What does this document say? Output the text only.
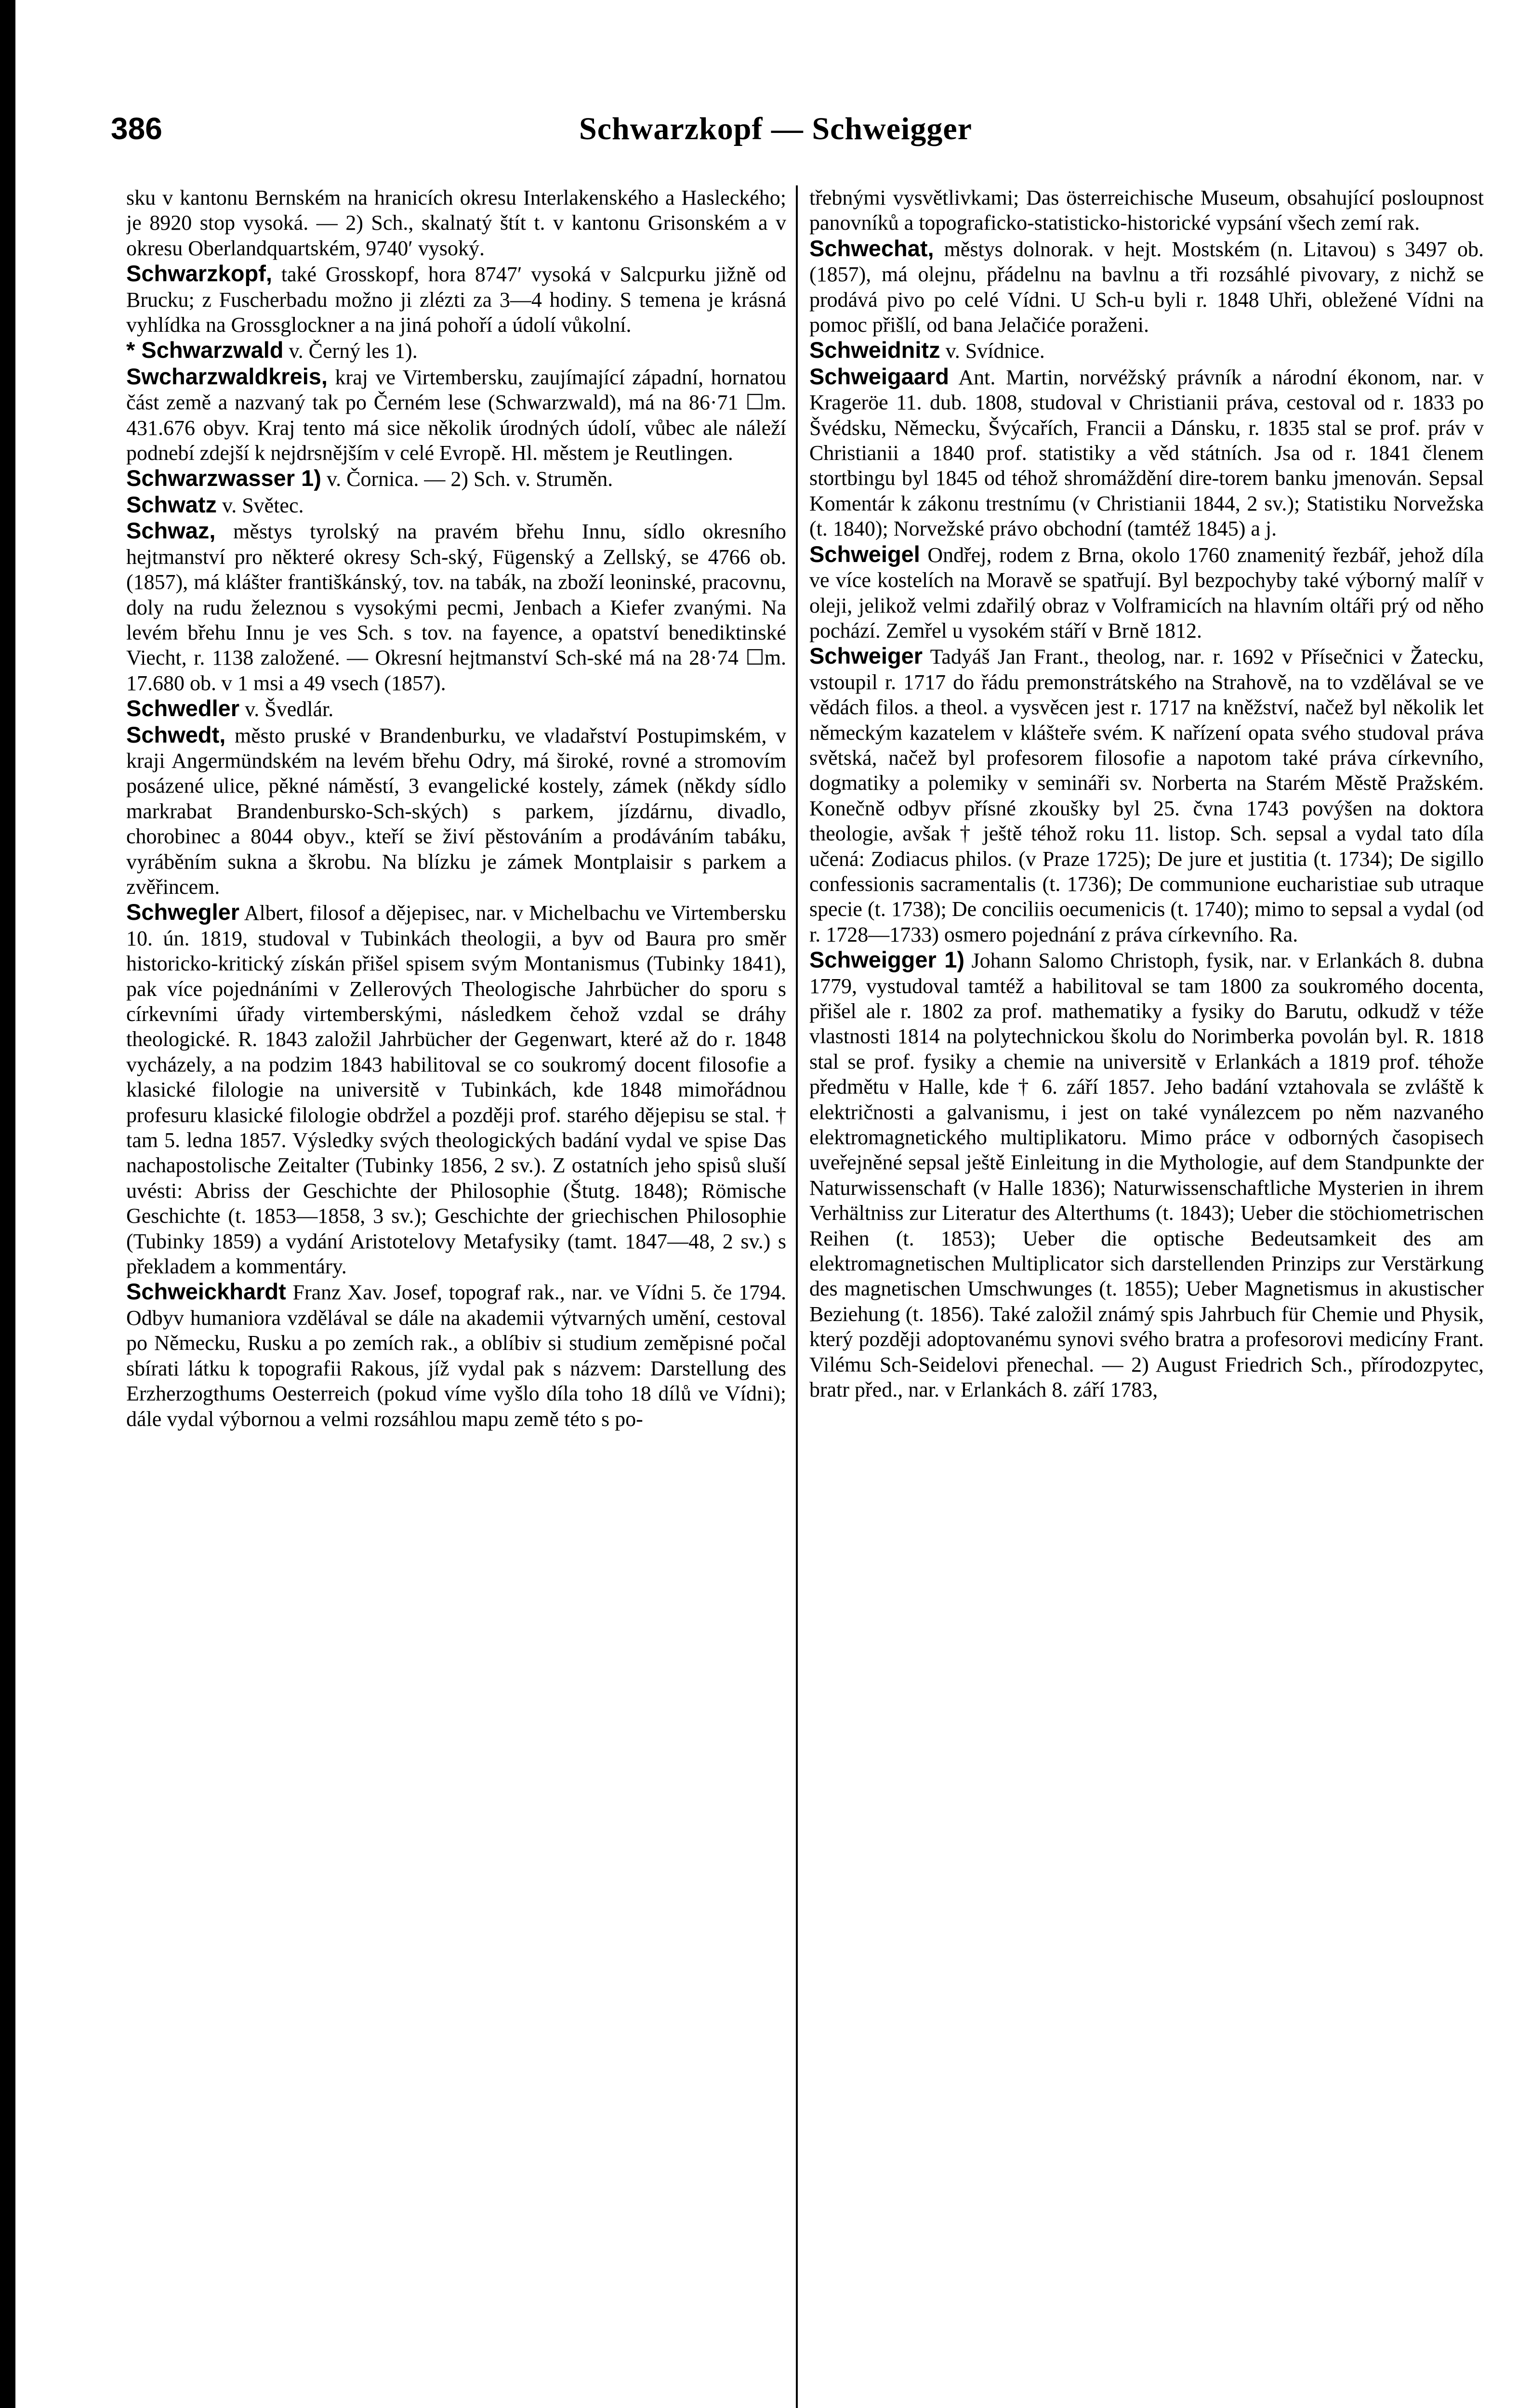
386	Schwarzkopf — Schweigger

sku v kantonu Bernském na hranicích okresu Interlakenského a Hasleckého; je 8920 stop vysoká. — 2) Sch., skalnatý štít t. v kantonu Grisonském a v okresu Oberlandquartském, 9740′ vysoký.

Schwarzkopf, také Grosskopf, hora 8747′ vysoká v Salcpurku jižně od Brucku; z Fuscherbadu možno ji zlézti za 3—4 hodiny. S temena je krásná vyhlídka na Grossglockner a na jiná pohoří a údolí vůkolní.

* Schwarzwald v. Černý les 1).

Swcharzwaldkreis, kraj ve Virtembersku, zaujímající západní, hornatou část země a nazvaný tak po Černém lese (Schwarzwald), má na 86·71 ☐m. 431.676 obyv. Kraj tento má sice několik úrodných údolí, vůbec ale náleží podnebí zdejší k nejdrsnějším v celé Evropě. Hl. městem je Reutlingen.

Schwarzwasser 1) v. Čornica. — 2) Sch. v. Struměn.

Schwatz v. Světec.

Schwaz, městys tyrolský na pravém břehu Innu, sídlo okresního hejtmanství pro některé okresy Sch-ský, Fügenský a Zellský, se 4766 ob. (1857), má klášter františkánský, tov. na tabák, na zboží leoninské, pracovnu, doly na rudu železnou s vysokými pecmi, Jenbach a Kiefer zvanými. Na levém břehu Innu je ves Sch. s tov. na fayence, a opatství benediktinské Viecht, r. 1138 založené. — Okresní hejtmanství Sch-ské má na 28·74 ☐m. 17.680 ob. v 1 msi a 49 vsech (1857).

Schwedler v. Švedlár.

Schwedt, město pruské v Brandenburku, ve vladařství Postupimském, v kraji Angermündském na levém břehu Odry, má široké, rovné a stromovím posázené ulice, pěkné náměstí, 3 evangelické kostely, zámek (někdy sídlo markrabat Brandenbursko-Sch-ských) s parkem, jízdárnu, divadlo, chorobinec a 8044 obyv., kteří se živí pěstováním a prodáváním tabáku, vyráběním sukna a škrobu. Na blízku je zámek Montplaisir s parkem a zvěřincem.

Schwegler Albert, filosof a dějepisec, nar. v Michelbachu ve Virtembersku 10. ún. 1819, studoval v Tubinkách theologii, a byv od Baura pro směr historicko-kritický získán přišel spisem svým Montanismus (Tubinky 1841), pak více pojednáními v Zellerových Theologische Jahrbücher do sporu s církevními úřady virtemberskými, následkem čehož vzdal se dráhy theologické. R. 1843 založil Jahrbücher der Gegenwart, které až do r. 1848 vycházely, a na podzim 1843 habilitoval se co soukromý docent filosofie a klasické filologie na universitě v Tubinkách, kde 1848 mimořádnou profesuru klasické filologie obdržel a později prof. starého dějepisu se stal. † tam 5. ledna 1857. Výsledky svých theologických badání vydal ve spise Das nachapostolische Zeitalter (Tubinky 1856, 2 sv.). Z ostatních jeho spisů sluší uvésti: Abriss der Geschichte der Philosophie (Štutg. 1848); Römische Geschichte (t. 1853—1858, 3 sv.); Geschichte der griechischen Philosophie (Tubinky 1859) a vydání Aristotelovy Metafysiky (tamt. 1847—48, 2 sv.) s překladem a kommentáry.

Schweickhardt Franz Xav. Josef, topograf rak., nar. ve Vídni 5. če 1794. Odbyv humaniora vzdělával se dále na akademii výtvarných umění, cestoval po Německu, Rusku a po zemích rak., a oblíbiv si studium zeměpisné počal sbírati látku k topografii Rakous, jíž vydal pak s názvem: Darstellung des Erzherzogthums Oesterreich (pokud víme vyšlo díla toho 18 dílů ve Vídni); dále vydal výbornou a velmi rozsáhlou mapu země této s po-

třebnými vysvětlivkami; Das österreichische Museum, obsahující posloupnost panovníků a topograficko-statisticko-historické vypsání všech zemí rak.

Schwechat, městys dolnorak. v hejt. Mostském (n. Litavou) s 3497 ob. (1857), má olejnu, přádelnu na bavlnu a tři rozsáhlé pivovary, z nichž se prodává pivo po celé Vídni. U Sch-u byli r. 1848 Uhři, obležené Vídni na pomoc přišlí, od bana Jelačiće poraženi.

Schweidnitz v. Svídnice.

Schweigaard Ant. Martin, norvéžský právník a národní ékonom, nar. v Krageröe 11. dub. 1808, studoval v Christianii práva, cestoval od r. 1833 po Švédsku, Německu, Švýcařích, Francii a Dánsku, r. 1835 stal se prof. práv v Christianii a 1840 prof. statistiky a věd státních. Jsa od r. 1841 členem stortbingu byl 1845 od téhož shromáždění dire-torem banku jmenován. Sepsal Komentár k zákonu trestnímu (v Christianii 1844, 2 sv.); Statistiku Norvežska (t. 1840); Norvežské právo obchodní (tamtéž 1845) a j.

Schweigel Ondřej, rodem z Brna, okolo 1760 znamenitý řezbář, jehož díla ve více kostelích na Moravě se spatřují. Byl bezpochyby také výborný malíř v oleji, jelikož velmi zdařilý obraz v Volframicích na hlavním oltáři prý od něho pochází. Zemřel u vysokém stáří v Brně 1812.

Schweiger Tadyáš Jan Frant., theolog, nar. r. 1692 v Přísečnici v Žatecku, vstoupil r. 1717 do řádu premonstrátského na Strahově, na to vzdělával se ve vědách filos. a theol. a vysvěcen jest r. 1717 na kněžství, načež byl několik let německým kazatelem v klášteře svém. K nařízení opata svého studoval práva světská, načež byl profesorem filosofie a napotom také práva církevního, dogmatiky a polemiky v semináři sv. Norberta na Starém Městě Pražském. Konečně odbyv přísné zkoušky byl 25. čvna 1743 povýšen na doktora theologie, avšak † ještě téhož roku 11. listop. Sch. sepsal a vydal tato díla učená: Zodiacus philos. (v Praze 1725); De jure et justitia (t. 1734); De sigillo confessionis sacramentalis (t. 1736); De communione eucharistiae sub utraque specie (t. 1738); De conciliis oecumenicis (t. 1740); mimo to sepsal a vydal (od r. 1728—1733) osmero pojednání z práva církevního. Ra.

Schweigger 1) Johann Salomo Christoph, fysik, nar. v Erlankách 8. dubna 1779, vystudoval tamtéž a habilitoval se tam 1800 za soukromého docenta, přišel ale r. 1802 za prof. mathematiky a fysiky do Barutu, odkudž v téže vlastnosti 1814 na polytechnickou školu do Norimberka povolán byl. R. 1818 stal se prof. fysiky a chemie na universitě v Erlankách a 1819 prof. téhože předmětu v Halle, kde † 6. září 1857. Jeho badání vztahovala se zvláště k električnosti a galvanismu, i jest on také vynálezcem po něm nazvaného elektromagnetického multiplikatoru. Mimo práce v odborných časopisech uveřejněné sepsal ještě Einleitung in die Mythologie, auf dem Standpunkte der Naturwissenschaft (v Halle 1836); Naturwissenschaftliche Mysterien in ihrem Verhältniss zur Literatur des Alterthums (t. 1843); Ueber die stöchiometrischen Reihen (t. 1853); Ueber die optische Bedeutsamkeit des am elektromagnetischen Multiplicator sich darstellenden Prinzips zur Verstärkung des magnetischen Umschwunges (t. 1855); Ueber Magnetismus in akustischer Beziehung (t. 1856). Také založil známý spis Jahrbuch für Chemie und Physik, který později adoptovanému synovi svého bratra a profesorovi medicíny Frant. Vilému Sch-Seidelovi přenechal. — 2) August Friedrich Sch., přírodozpytec, bratr před., nar. v Erlankách 8. září 1783,
